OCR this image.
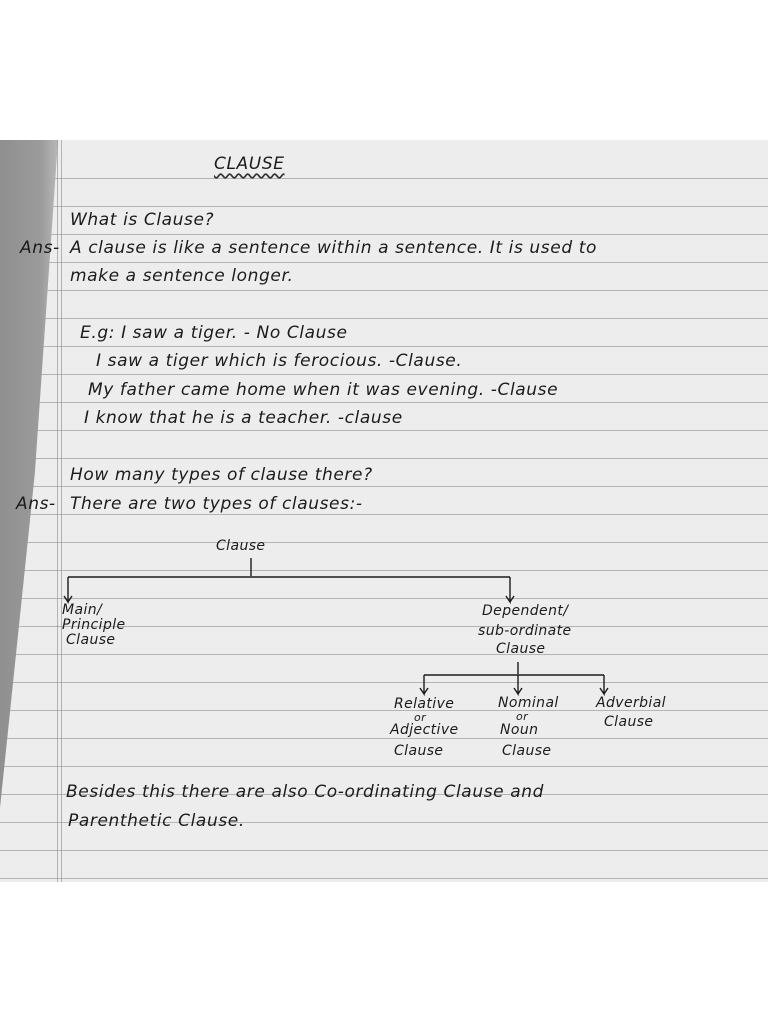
CLAUSE
What is Clause?
Ans- A clause is like a sentence within a sentence. It is used to
make a sentence longer.
E.g: I saw a tiger. - No Clause
I saw a tiger which is ferocious. -Clause.
My father came home when it was evening. -Clause
I know that he is a teacher. -clause
How many types of clause there?
Ans- There are two types of clauses:-
Clause
Main/
Principle
Clause
Dependent/
sub-ordinate
Clause
Relative
or
Adjective
Clause
Nominal
or
Noun
Clause
Adverbial
Clause
Besides this there are also Co-ordinating Clause and
Parenthetic Clause.
